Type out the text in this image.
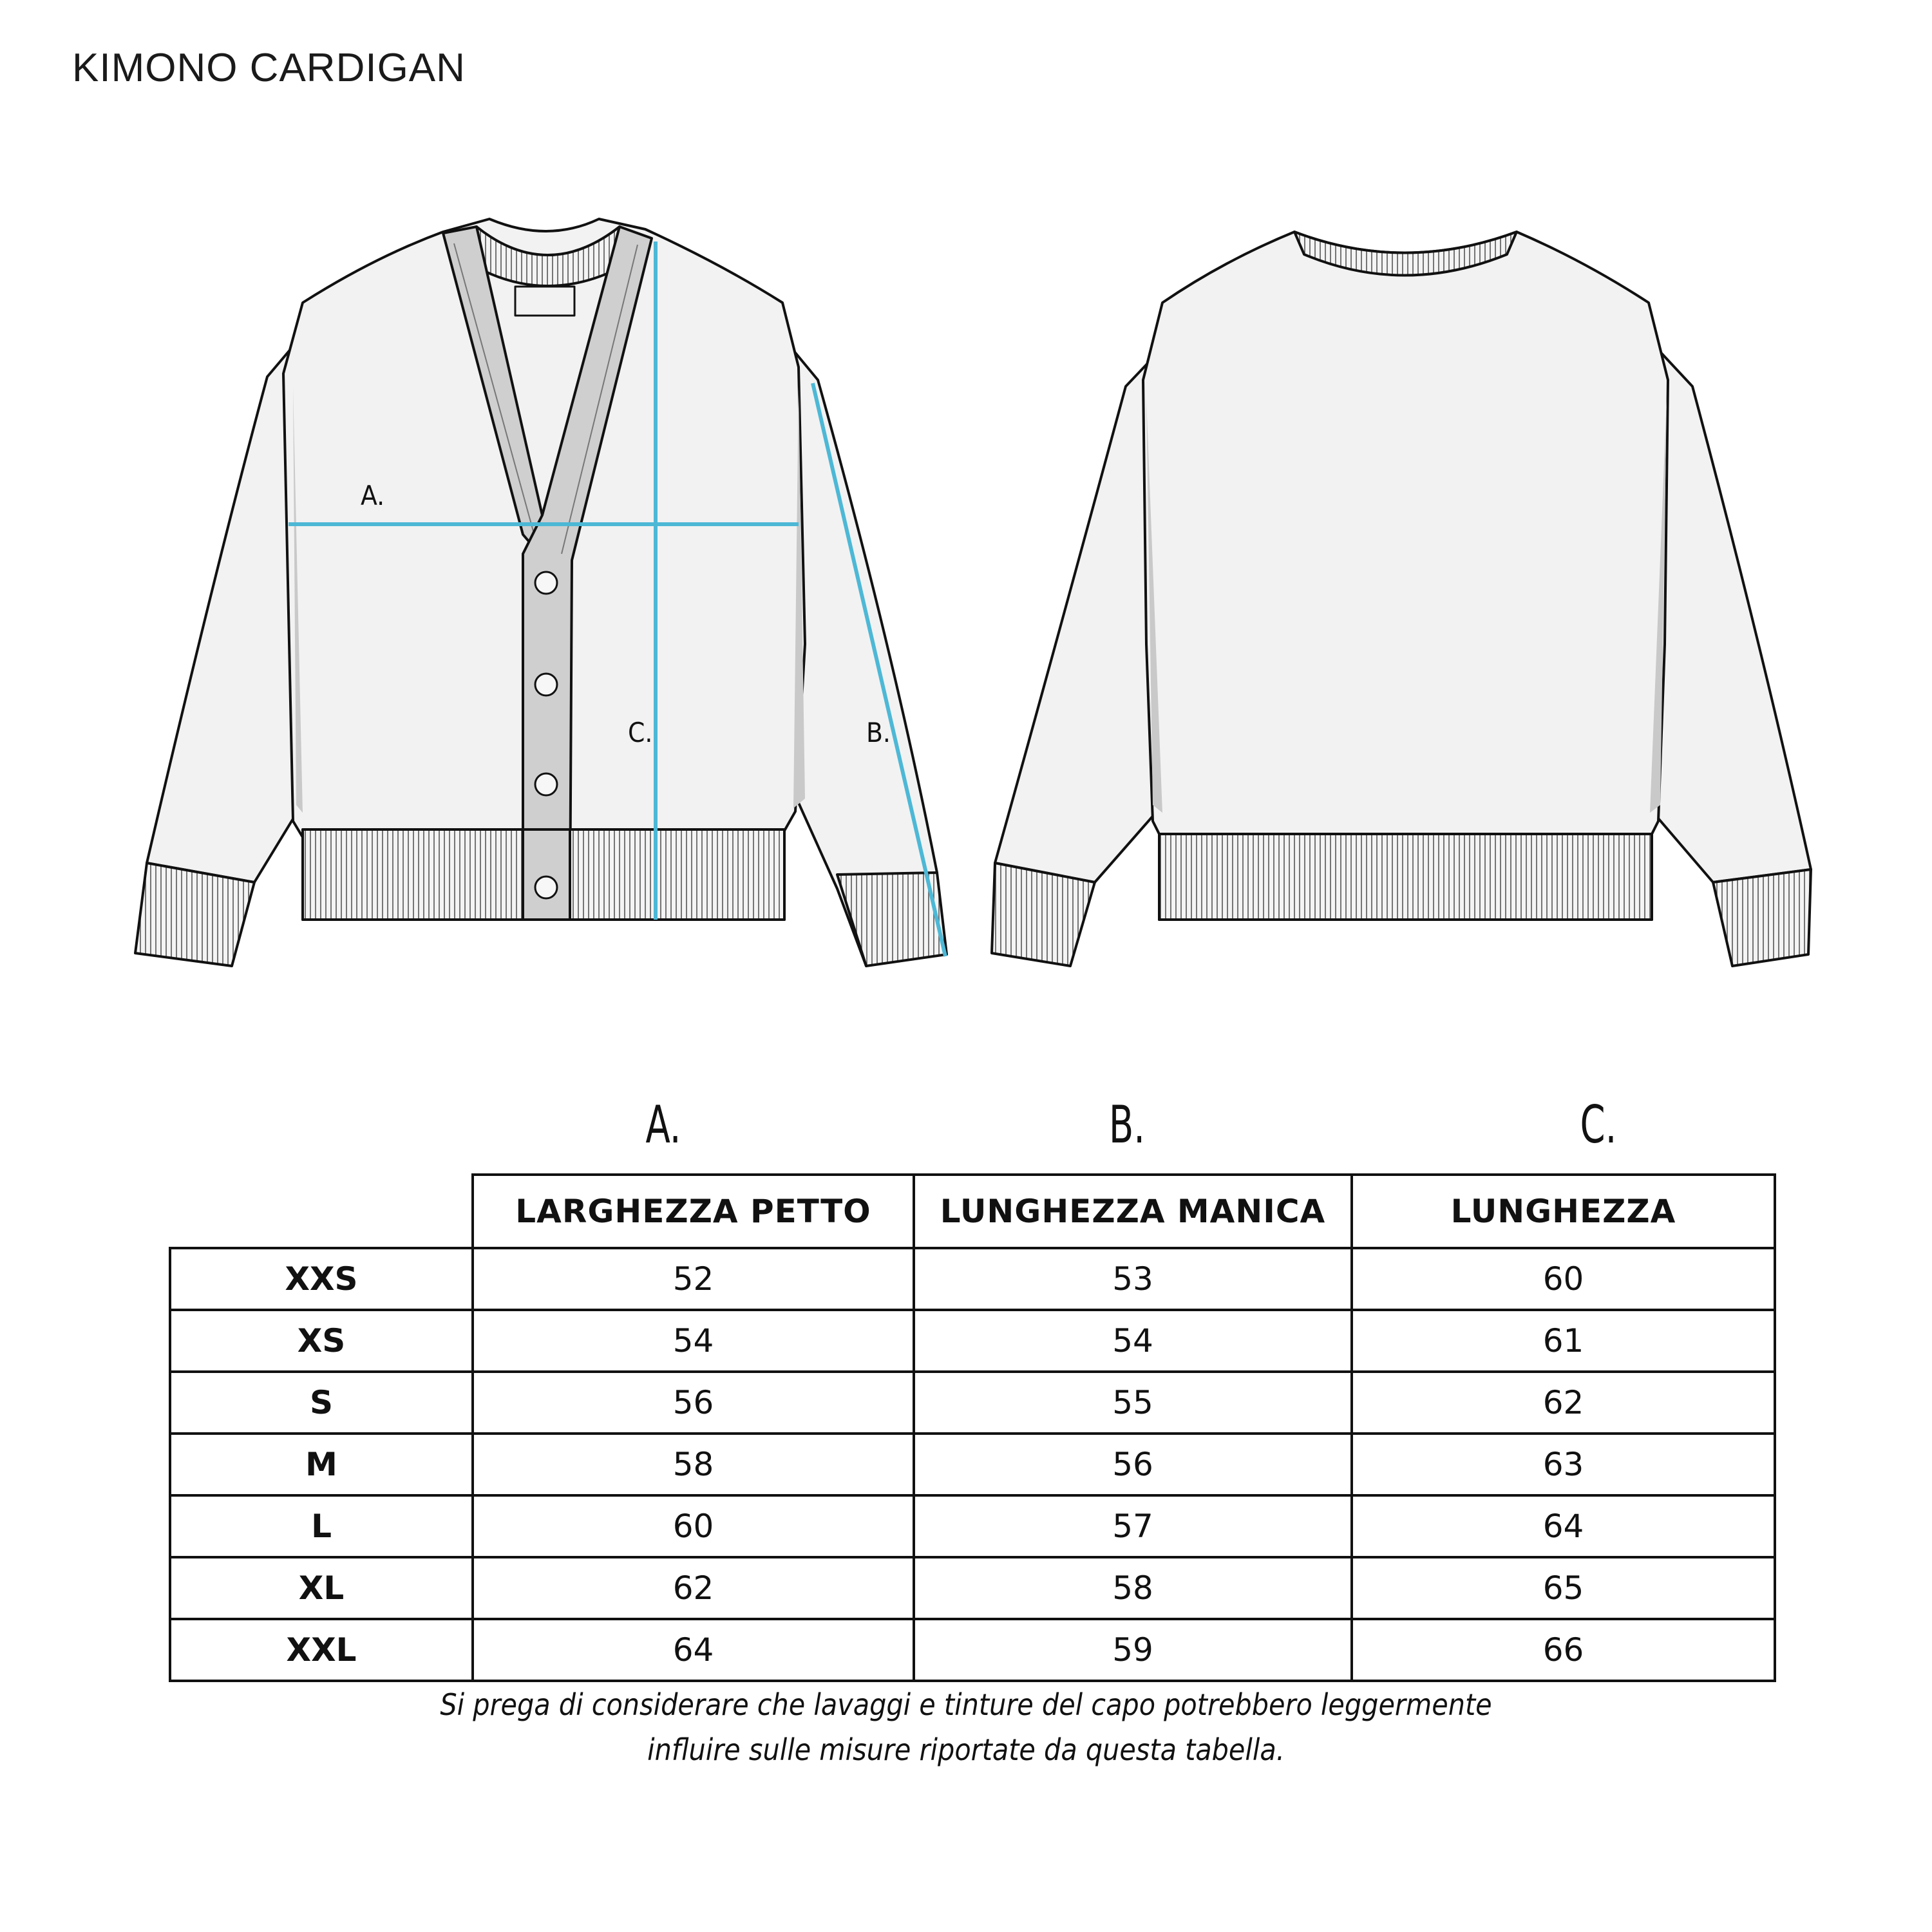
KIMONO CARDIGAN
A.
C.	B.
A.	B.	C.
	LARGHEZZA PETTO	LUNGHEZZA MANICA	LUNGHEZZA
XXS	52	53	60
XS	54	54	61
S	56	55	62
M	58	56	63
L	60	57	64
XL	62	58	65
XXL	64	59	66
Si prega di considerare che lavaggi e tinture del capo potrebbero leggermente
influire sulle misure riportate da questa tabella.
